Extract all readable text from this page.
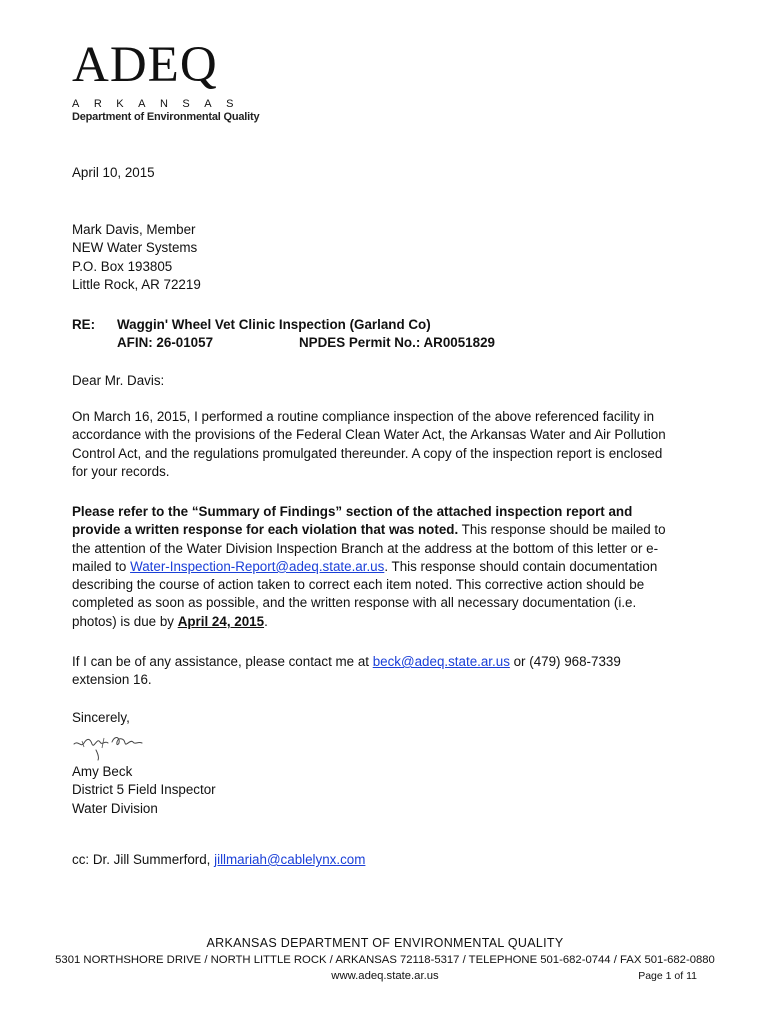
ADEQ
ARKANSAS
Department of Environmental Quality

April 10, 2015

Mark Davis, Member

NEW Water Systems

P.O. Box 193805

Little Rock, AR 72219

RE: Waggin' Wheel Vet Clinic Inspection (Garland Co)
AFIN: 26-01057	NPDES Permit No.: AR0051829

Dear Mr. Davis:

On March 16, 2015, I performed a routine compliance inspection of the above referenced facility in

accordance with the provisions of the Federal Clean Water Act, the Arkansas Water and Air Pollution

Control Act, and the regulations promulgated thereunder. A copy of the inspection report is enclosed

for your records.

Please refer to the “Summary of Findings” section of the attached inspection report and

provide a written response for each violation that was noted. This response should be mailed to

the attention of the Water Division Inspection Branch at the address at the bottom of this letter or e-

mailed to Water-Inspection-Report@adeq.state.ar.us. This response should contain documentation

describing the course of action taken to correct each item noted. This corrective action should be

completed as soon as possible, and the written response with all necessary documentation (i.e.

photos) is due by April 24, 2015.

If I can be of any assistance, please contact me at beck@adeq.state.ar.us or (479) 968-7339

extension 16.

Sincerely,

Amy Beck

District 5 Field Inspector

Water Division

cc: Dr. Jill Summerford, jillmariah@cablelynx.com

ARKANSAS DEPARTMENT OF ENVIRONMENTAL QUALITY
5301 NORTHSHORE DRIVE / NORTH LITTLE ROCK / ARKANSAS 72118-5317 / TELEPHONE 501-682-0744 / FAX 501-682-0880
www.adeq.state.ar.us	Page 1 of 11
